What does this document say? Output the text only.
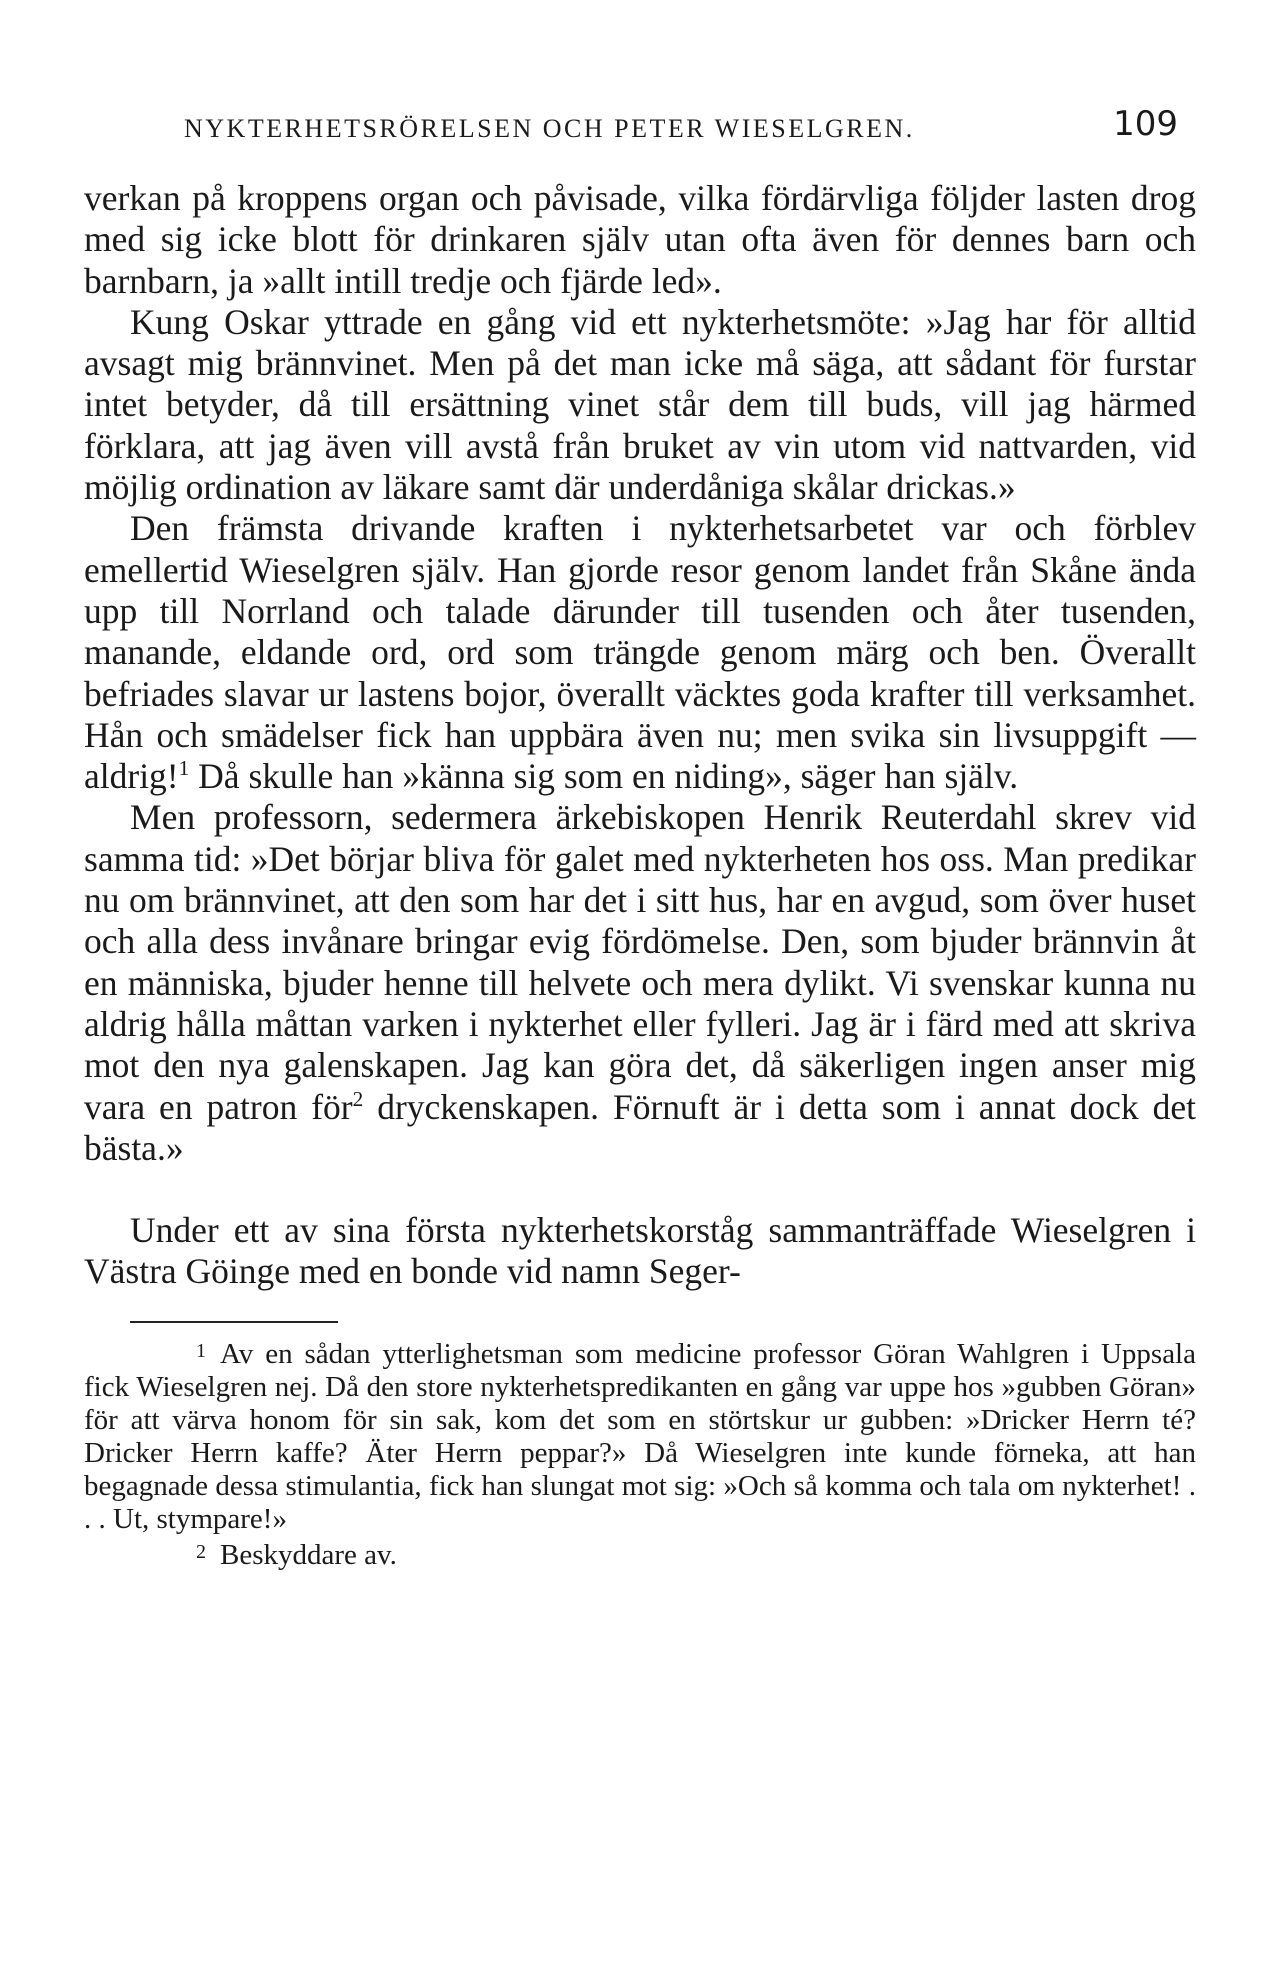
NYKTERHETSRÖRELSEN OCH PETER WIESELGREN.	109

verkan på kroppens organ och påvisade, vilka fördärvliga följder lasten drog med sig icke blott för drinkaren själv utan ofta även för dennes barn och barnbarn, ja »allt intill tredje och fjärde led».

Kung Oskar yttrade en gång vid ett nykterhetsmöte: »Jag har för alltid avsagt mig brännvinet. Men på det man icke må säga, att sådant för furstar intet betyder, då till ersättning vinet står dem till buds, vill jag härmed förklara, att jag även vill avstå från bruket av vin utom vid nattvarden, vid möjlig ordination av läkare samt där underdåniga skålar drickas.»

Den främsta drivande kraften i nykterhetsarbetet var och förblev emellertid Wieselgren själv. Han gjorde resor genom landet från Skåne ända upp till Norrland och talade därunder till tusenden och åter tusenden, manande, eldande ord, ord som trängde genom märg och ben. Överallt befriades slavar ur lastens bojor, överallt väcktes goda krafter till verksamhet. Hån och smädelser fick han uppbära även nu; men svika sin livsuppgift — aldrig!$^1$ Då skulle han »känna sig som en niding», säger han själv.

Men professorn, sedermera ärkebiskopen Henrik Reuterdahl skrev vid samma tid: »Det börjar bliva för galet med nykterheten hos oss. Man predikar nu om brännvinet, att den som har det i sitt hus, har en avgud, som över huset och alla dess invånare bringar evig fördömelse. Den, som bjuder brännvin åt en människa, bjuder henne till helvete och mera dylikt. Vi svenskar kunna nu aldrig hålla måttan varken i nykterhet eller fylleri. Jag är i färd med att skriva mot den nya galenskapen. Jag kan göra det, då säkerligen ingen anser mig vara en patron för$^2$ dryckenskapen. Förnuft är i detta som i annat dock det bästa.»

Under ett av sina första nykterhetskorståg sammanträffade Wieselgren i Västra Göinge med en bonde vid namn Seger-

1 Av en sådan ytterlighetsman som medicine professor Göran Wahlgren i Uppsala fick Wieselgren nej. Då den store nykterhetspredikanten en gång var uppe hos »gubben Göran» för att värva honom för sin sak, kom det som en störtskur ur gubben: »Dricker Herrn té? Dricker Herrn kaffe? Äter Herrn peppar?» Då Wieselgren inte kunde förneka, att han begagnade dessa stimulantia, fick han slungat mot sig: »Och så komma och tala om nykterhet! . . . Ut, stympare!»

2 Beskyddare av.
